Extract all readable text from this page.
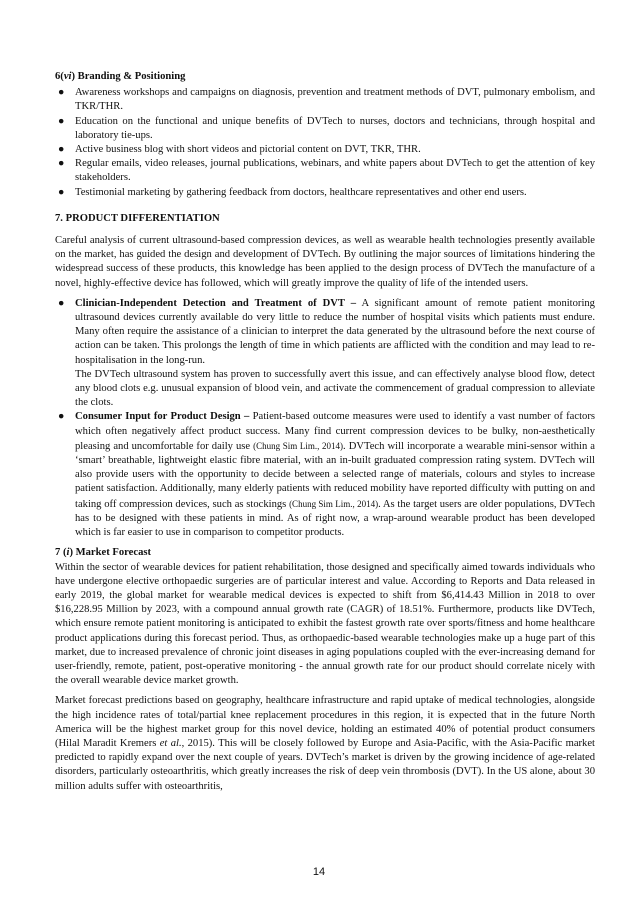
6(vi) Branding & Positioning
● Awareness workshops and campaigns on diagnosis, prevention and treatment methods of DVT, pulmonary embolism, and TKR/THR.
● Education on the functional and unique benefits of DVTech to nurses, doctors and technicians, through hospital and laboratory tie-ups.
● Active business blog with short videos and pictorial content on DVT, TKR, THR.
● Regular emails, video releases, journal publications, webinars, and white papers about DVTech to get the attention of key stakeholders.
● Testimonial marketing by gathering feedback from doctors, healthcare representatives and other end users.
7. PRODUCT DIFFERENTIATION

Careful analysis of current ultrasound-based compression devices, as well as wearable health technologies presently available on the market, has guided the design and development of DVTech. By outlining the major sources of limitations hindering the widespread success of these products, this knowledge has been applied to the design process of DVTech the manufacture of a novel, highly-effective device has followed, which will greatly improve the quality of life of the intended users.

● Clinician-Independent Detection and Treatment of DVT – A significant amount of remote patient monitoring ultrasound devices currently available do very little to reduce the number of hospital visits which patients must endure. Many often require the assistance of a clinician to interpret the data generated by the ultrasound before the next course of action can be taken. This prolongs the length of time in which patients are afflicted with the condition and may lead to re-hospitalisation in the long-run.
The DVTech ultrasound system has proven to successfully avert this issue, and can effectively analyse blood flow, detect any blood clots e.g. unusual expansion of blood vein, and activate the commencement of gradual compression to alleviate the clots.
● Consumer Input for Product Design – Patient-based outcome measures were used to identify a vast number of factors which often negatively affect product success. Many find current compression devices to be bulky, non-aesthetically pleasing and uncomfortable for daily use (Chung Sim Lim., 2014). DVTech will incorporate a wearable mini-sensor within a ‘smart’ breathable, lightweight elastic fibre material, with an in-built graduated compression rating system. DVTech will also provide users with the opportunity to decide between a selected range of materials, colours and styles to increase patient satisfaction. Additionally, many elderly patients with reduced mobility have reported difficulty with putting on and taking off compression devices, such as stockings (Chung Sim Lim., 2014). As the target users are older populations, DVTech has to be designed with these patients in mind. As of right now, a wrap-around wearable product has been developed which is far easier to use in comparison to competitor products.
7 (i) Market Forecast

Within the sector of wearable devices for patient rehabilitation, those designed and specifically aimed towards individuals who have undergone elective orthopaedic surgeries are of particular interest and value. According to Reports and Data released in early 2019, the global market for wearable medical devices is expected to shift from $6,414.43 Million in 2018 to over $16,228.95 Million by 2023, with a compound annual growth rate (CAGR) of 18.51%. Furthermore, products like DVTech, which ensure remote patient monitoring is anticipated to exhibit the fastest growth rate over sports/fitness and home healthcare product applications during this forecast period. Thus, as orthopaedic-based wearable technologies make up a huge part of this market, due to increased prevalence of chronic joint diseases in aging populations coupled with the ever-increasing demand for user-friendly, remote, patient, post-operative monitoring - the annual growth rate for our product should correlate nicely with the overall wearable device market growth.

Market forecast predictions based on geography, healthcare infrastructure and rapid uptake of medical technologies, alongside the high incidence rates of total/partial knee replacement procedures in this region, it is expected that in the future North America will be the highest market group for this novel device, holding an estimated 40% of potential product consumers (Hilal Maradit Kremers et al., 2015). This will be closely followed by Europe and Asia-Pacific, with the Asia-Pacific market predicted to rapidly expand over the next couple of years. DVTech’s market is driven by the growing incidence of age-related disorders, particularly osteoarthritis, which greatly increases the risk of deep vein thrombosis (DVT). In the US alone, about 30 million adults suffer with osteoarthritis,

14
